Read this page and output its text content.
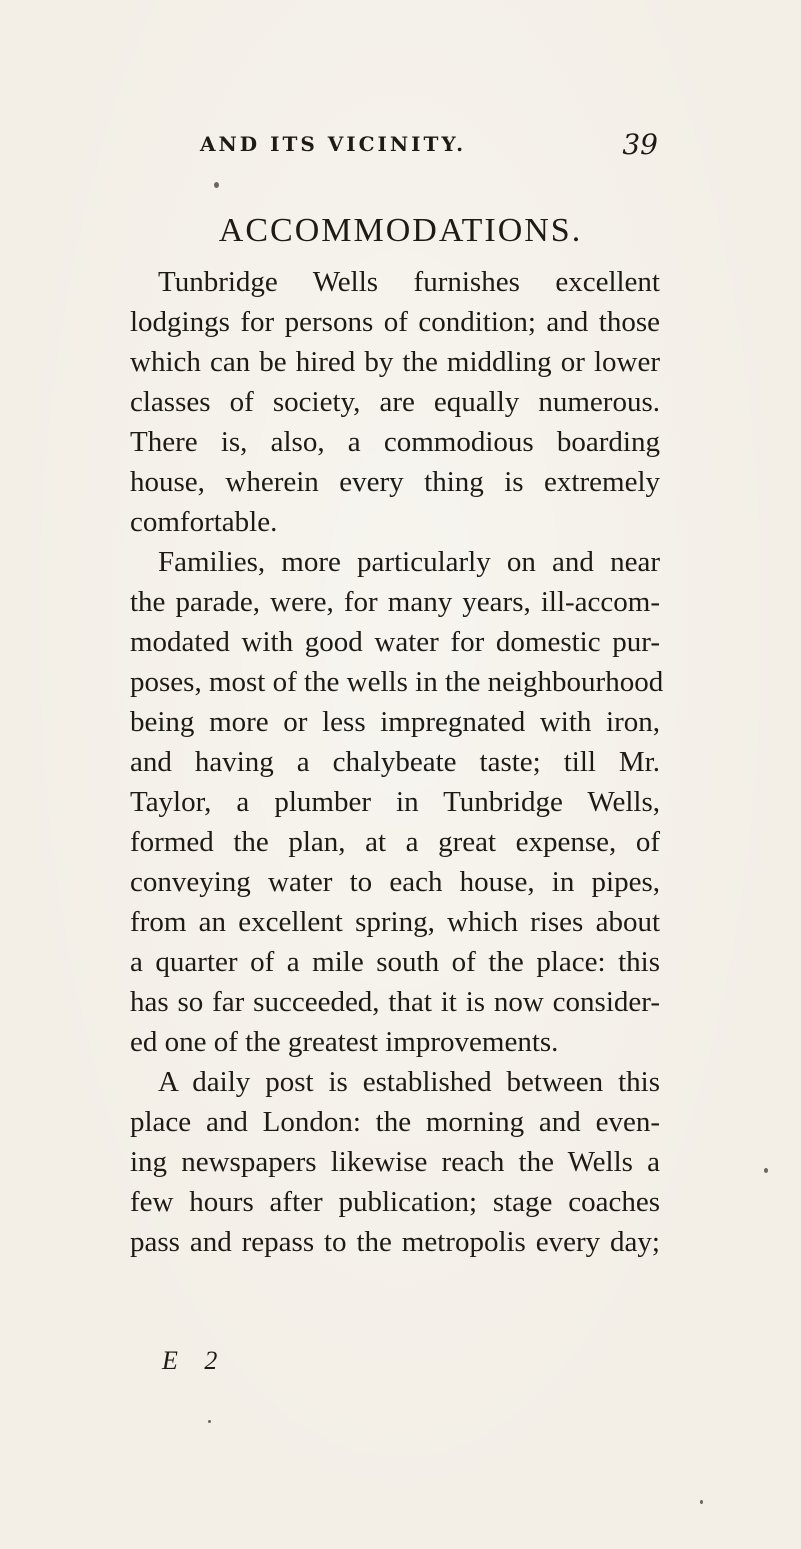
AND ITS VICINITY.	39
ACCOMMODATIONS.
Tunbridge Wells furnishes excellent
lodgings for persons of condition; and those
which can be hired by the middling or lower
classes of society, are equally numerous.
There is, also, a commodious boarding
house, wherein every thing is extremely
comfortable.
Families, more particularly on and near
the parade, were, for many years, ill-accom-
modated with good water for domestic pur-
poses, most of the wells in the neighbourhood
being more or less impregnated with iron,
and having a chalybeate taste; till Mr.
Taylor, a plumber in Tunbridge Wells,
formed the plan, at a great expense, of
conveying water to each house, in pipes,
from an excellent spring, which rises about
a quarter of a mile south of the place: this
has so far succeeded, that it is now consider-
ed one of the greatest improvements.
A daily post is established between this
place and London: the morning and even-
ing newspapers likewise reach the Wells a
few hours after publication; stage coaches
pass and repass to the metropolis every day;
E 2
